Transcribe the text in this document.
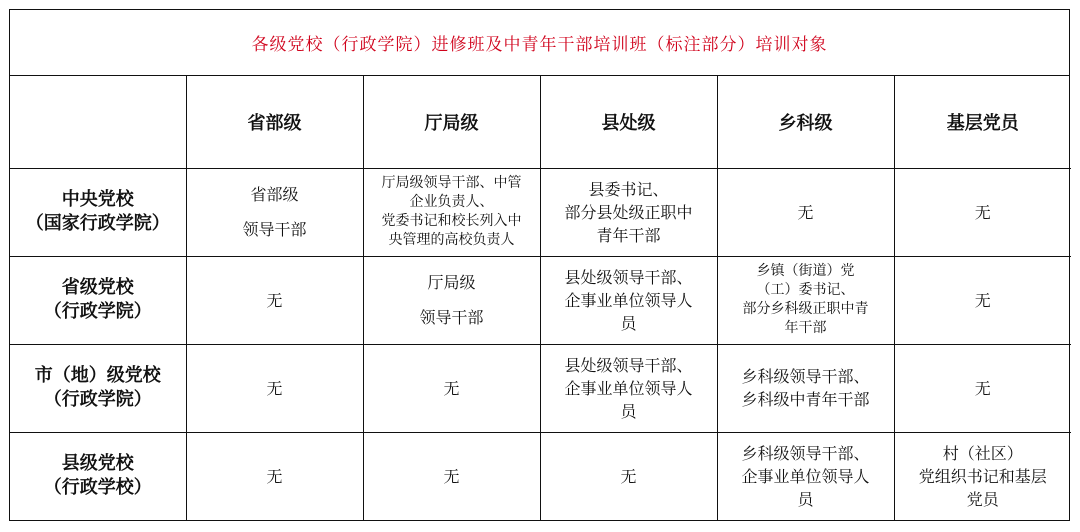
各级党校（行政学院）进修班及中青年干部培训班（标注部分）培训对象
	省部级	厅局级	县处级	乡科级	基层党员

中央党校
（国家行政学院）	省部级
领导干部	厅局级领导干部、中管
企业负责人、
党委书记和校长列入中
央管理的高校负责人	县委书记、
部分县处级正职中
青年干部	无	无

省级党校
（行政学院）	无	厅局级
领导干部	县处级领导干部、
企事业单位领导人
员	乡镇（街道）党
（工）委书记、
部分乡科级正职中青
年干部	无

市（地）级党校
（行政学院）	无	无	县处级领导干部、
企事业单位领导人
员	乡科级领导干部、
乡科级中青年干部	无

县级党校
（行政学校）	无	无	无	乡科级领导干部、
企事业单位领导人
员	村（社区）
党组织书记和基层
党员
